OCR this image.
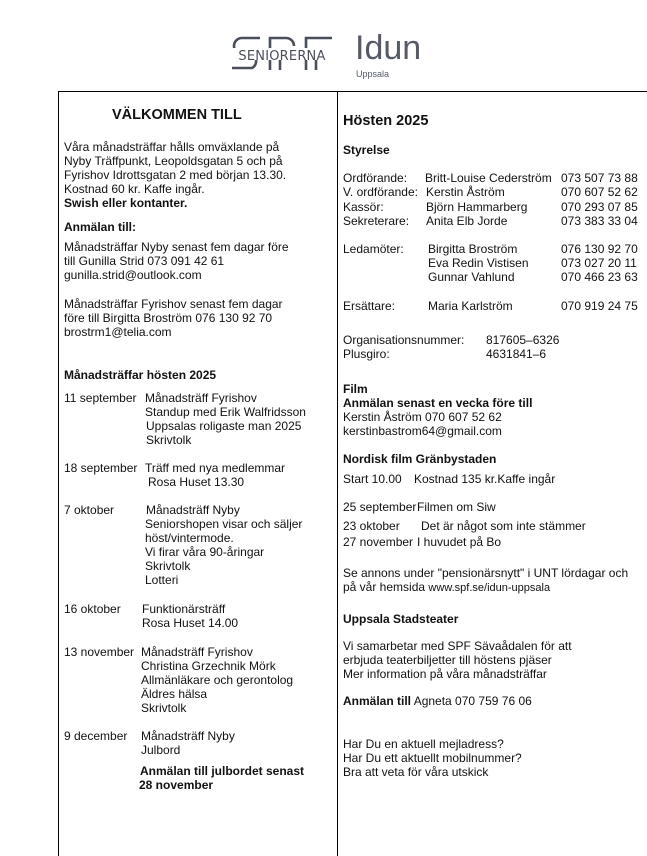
SENIORERNA Idun
Uppsala
VÄLKOMMEN TILL
Våra månadsträffar hålls omväxlande på
Nyby Träffpunkt, Leopoldsgatan 5 och på
Fyrishov Idrottsgatan 2 med början 13.30.
Kostnad 60 kr. Kaffe ingår.
Swish eller kontanter.
Anmälan till:
Månadsträffar Nyby senast fem dagar före
till Gunilla Strid 073 091 42 61
gunilla.strid@outlook.com
Månadsträffar Fyrishov senast fem dagar
före till Birgitta Broström 076 130 92 70
brostrm1@telia.com
Månadsträffar hösten 2025
11 september Månadsträff Fyrishov
Standup med Erik Walfridsson
Uppsalas roligaste man 2025
Skrivtolk
18 september Träff med nya medlemmar
Rosa Huset 13.30
7 oktober	Månadsträff Nyby
Seniorshopen visar och säljer
höst/vintermode.
Vi firar våra 90-åringar
Skrivtolk
Lotteri
16 oktober Funktionärsträff
Rosa Huset 14.00
13 november Månadsträff Fyrishov
Christina Grzechnik Mörk
Allmänläkare och gerontolog
Äldres hälsa
Skrivtolk
9 december Månadsträff Nyby
Julbord
Anmälan till julbordet senast
28 november
Hösten 2025
Styrelse
Ordförande: Britt-Louise Cederström 073 507 73 88
V. ordförande: Kerstin Åström	070 607 52 62
Kassör:	Björn Hammarberg	070 293 07 85
Sekreterare: Anita Elb Jorde	073 383 33 04
Ledamöter: Birgitta Broström	076 130 92 70
Eva Redin Vistisen	073 027 20 11
Gunnar Vahlund	070 466 23 63
Ersättare:	Maria Karlström	070 919 24 75
Organisationsnummer: 817605–6326
Plusgiro:	4631841–6
Film
Anmälan senast en vecka före till
Kerstin Åström 070 607 52 62
kerstinbastrom64@gmail.com
Nordisk film Gränbystaden
Start 10.00 Kostnad 135 kr.Kaffe ingår
25 september Filmen om Siw
23 oktober Det är något som inte stämmer
27 november I huvudet på Bo
Se annons under "pensionärsnytt" i UNT lördagar och
på vår hemsida www.spf.se/idun-uppsala
Uppsala Stadsteater
Vi samarbetar med SPF Sävaådalen för att
erbjuda teaterbiljetter till höstens pjäser
Mer information på våra månadsträffar
Anmälan till Agneta 070 759 76 06
Har Du en aktuell mejladress?
Har Du ett aktuellt mobilnummer?
Bra att veta för våra utskick
